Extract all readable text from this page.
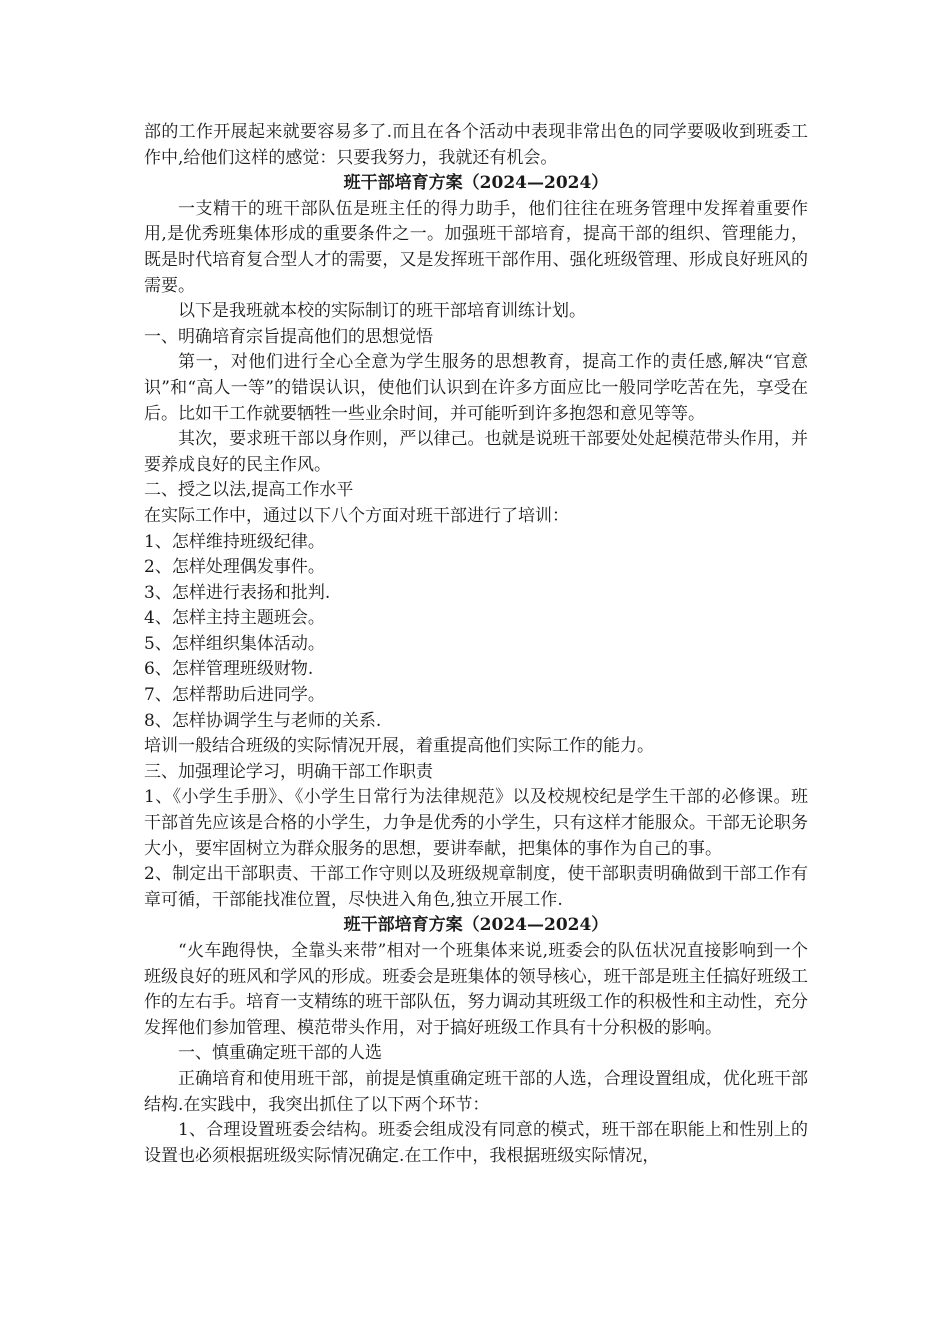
部的工作开展起来就要容易多了.而且在各个活动中表现非常出色的同学要吸收到班委工作中,给他们这样的感觉：只要我努力，我就还有机会。

班干部培育方案（2024—2024）

一支精干的班干部队伍是班主任的得力助手，他们往往在班务管理中发挥着重要作用,是优秀班集体形成的重要条件之一。加强班干部培育，提高干部的组织、管理能力，既是时代培育复合型人才的需要，又是发挥班干部作用、强化班级管理、形成良好班风的需要。

以下是我班就本校的实际制订的班干部培育训练计划。

一、明确培育宗旨提高他们的思想觉悟

第一，对他们进行全心全意为学生服务的思想教育，提高工作的责任感,解决“官意识”和“高人一等”的错误认识，使他们认识到在许多方面应比一般同学吃苦在先，享受在后。比如干工作就要牺牲一些业余时间，并可能听到许多抱怨和意见等等。

其次，要求班干部以身作则，严以律己。也就是说班干部要处处起模范带头作用，并要养成良好的民主作风。

二、授之以法,提高工作水平

在实际工作中，通过以下八个方面对班干部进行了培训：

1、怎样维持班级纪律。

2、怎样处理偶发事件。

3、怎样进行表扬和批判.

4、怎样主持主题班会。

5、怎样组织集体活动。

6、怎样管理班级财物.

7、怎样帮助后进同学。

8、怎样协调学生与老师的关系.

培训一般结合班级的实际情况开展，着重提高他们实际工作的能力。

三、加强理论学习，明确干部工作职责

1、《小学生手册》、《小学生日常行为法律规范》以及校规校纪是学生干部的必修课。班干部首先应该是合格的小学生，力争是优秀的小学生，只有这样才能服众。干部无论职务大小，要牢固树立为群众服务的思想，要讲奉献，把集体的事作为自己的事。

2、制定出干部职责、干部工作守则以及班级规章制度，使干部职责明确做到干部工作有章可循，干部能找准位置，尽快进入角色,独立开展工作.

班干部培育方案（2024—2024）

“火车跑得快，全靠头来带”相对一个班集体来说,班委会的队伍状况直接影响到一个班级良好的班风和学风的形成。班委会是班集体的领导核心，班干部是班主任搞好班级工作的左右手。培育一支精练的班干部队伍，努力调动其班级工作的积极性和主动性，充分发挥他们参加管理、模范带头作用，对于搞好班级工作具有十分积极的影响。

一、慎重确定班干部的人选

正确培育和使用班干部，前提是慎重确定班干部的人选，合理设置组成，优化班干部结构.在实践中，我突出抓住了以下两个环节：

1、合理设置班委会结构。班委会组成没有同意的模式，班干部在职能上和性别上的设置也必须根据班级实际情况确定.在工作中，我根据班级实际情况，
